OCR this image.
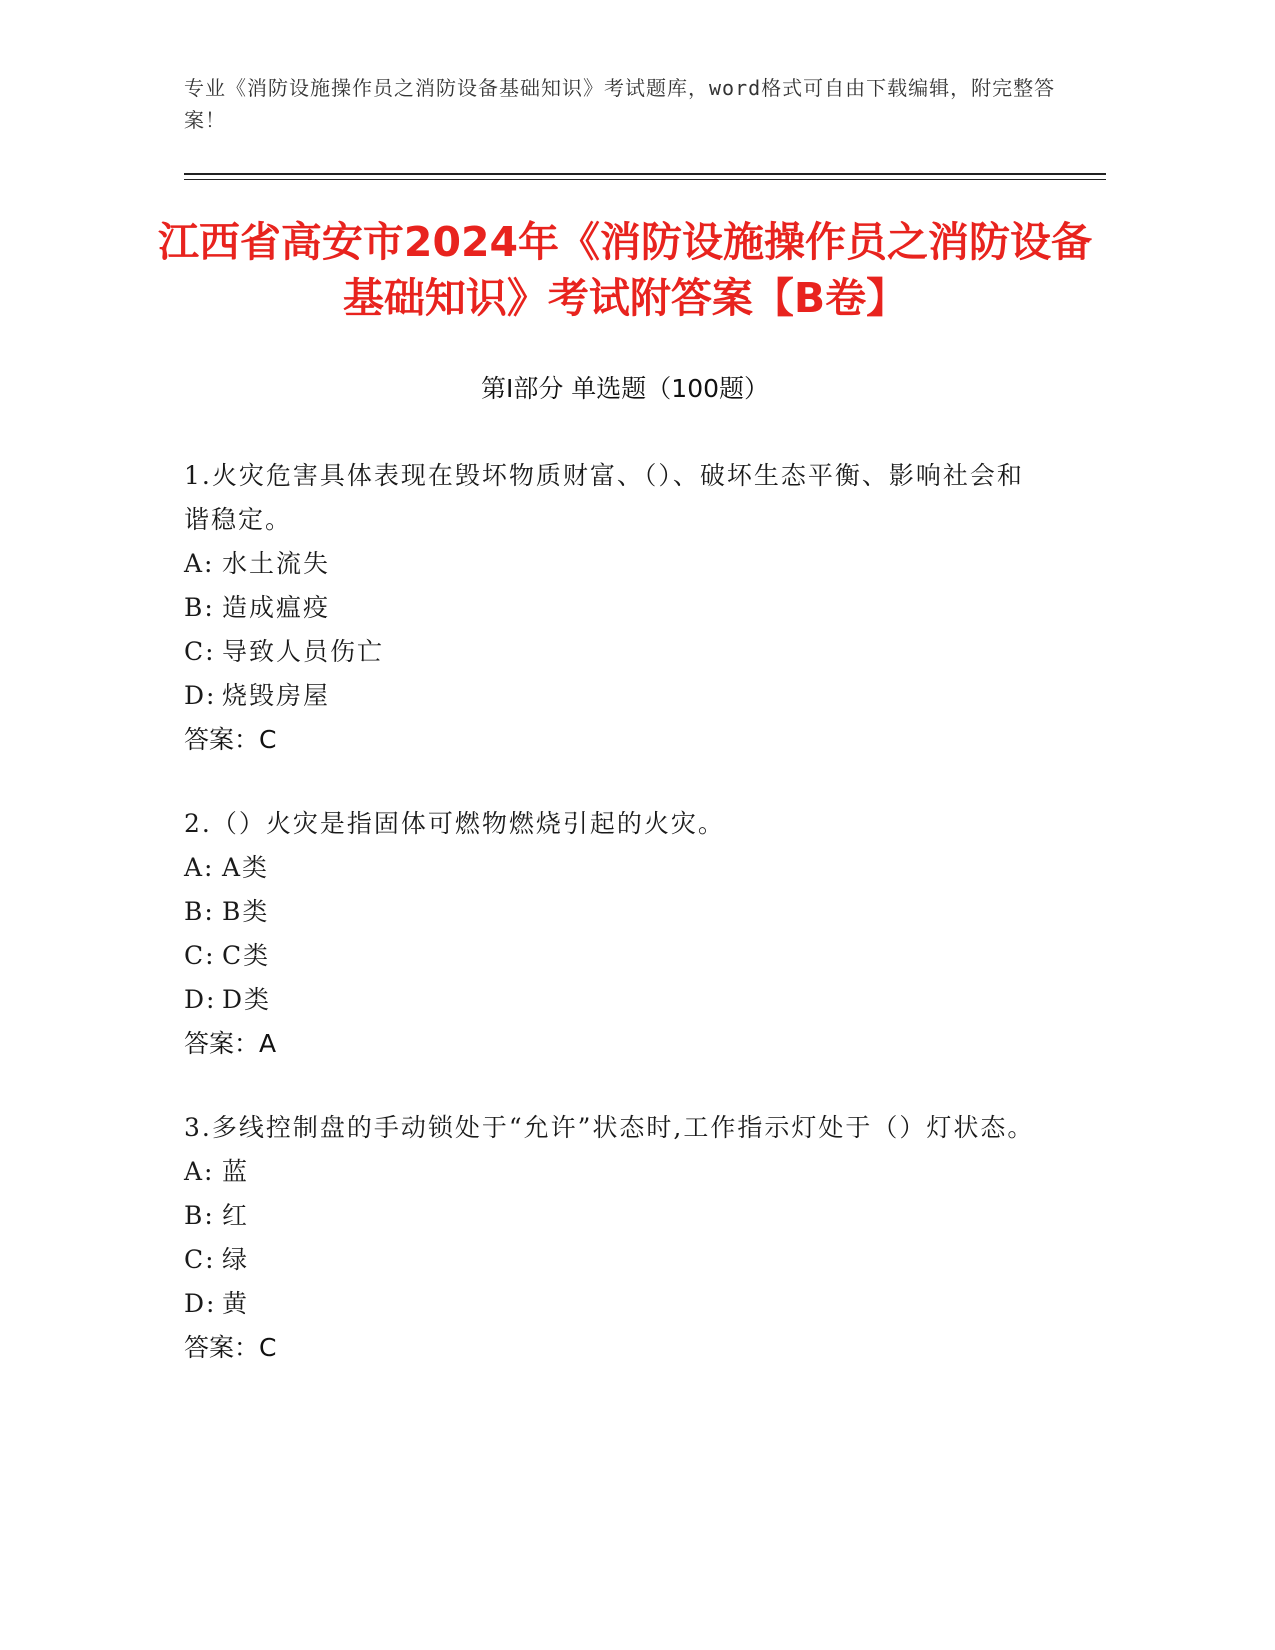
专业《消防设施操作员之消防设备基础知识》考试题库，word格式可自由下载编辑，附完整答案！
江西省高安市2024年《消防设施操作员之消防设备基础知识》考试附答案【B卷】
第Ⅰ部分 单选题（100题）
1.火灾危害具体表现在毁坏物质财富、（）、破坏生态平衡、影响社会和谐稳定。
A: 水土流失
B: 造成瘟疫
C: 导致人员伤亡
D: 烧毁房屋
答案：C
2.（）火灾是指固体可燃物燃烧引起的火灾。
A: A类
B: B类
C: C类
D: D类
答案：A
3.多线控制盘的手动锁处于“允许”状态时,工作指示灯处于（）灯状态。
A: 蓝
B: 红
C: 绿
D: 黄
答案：C
